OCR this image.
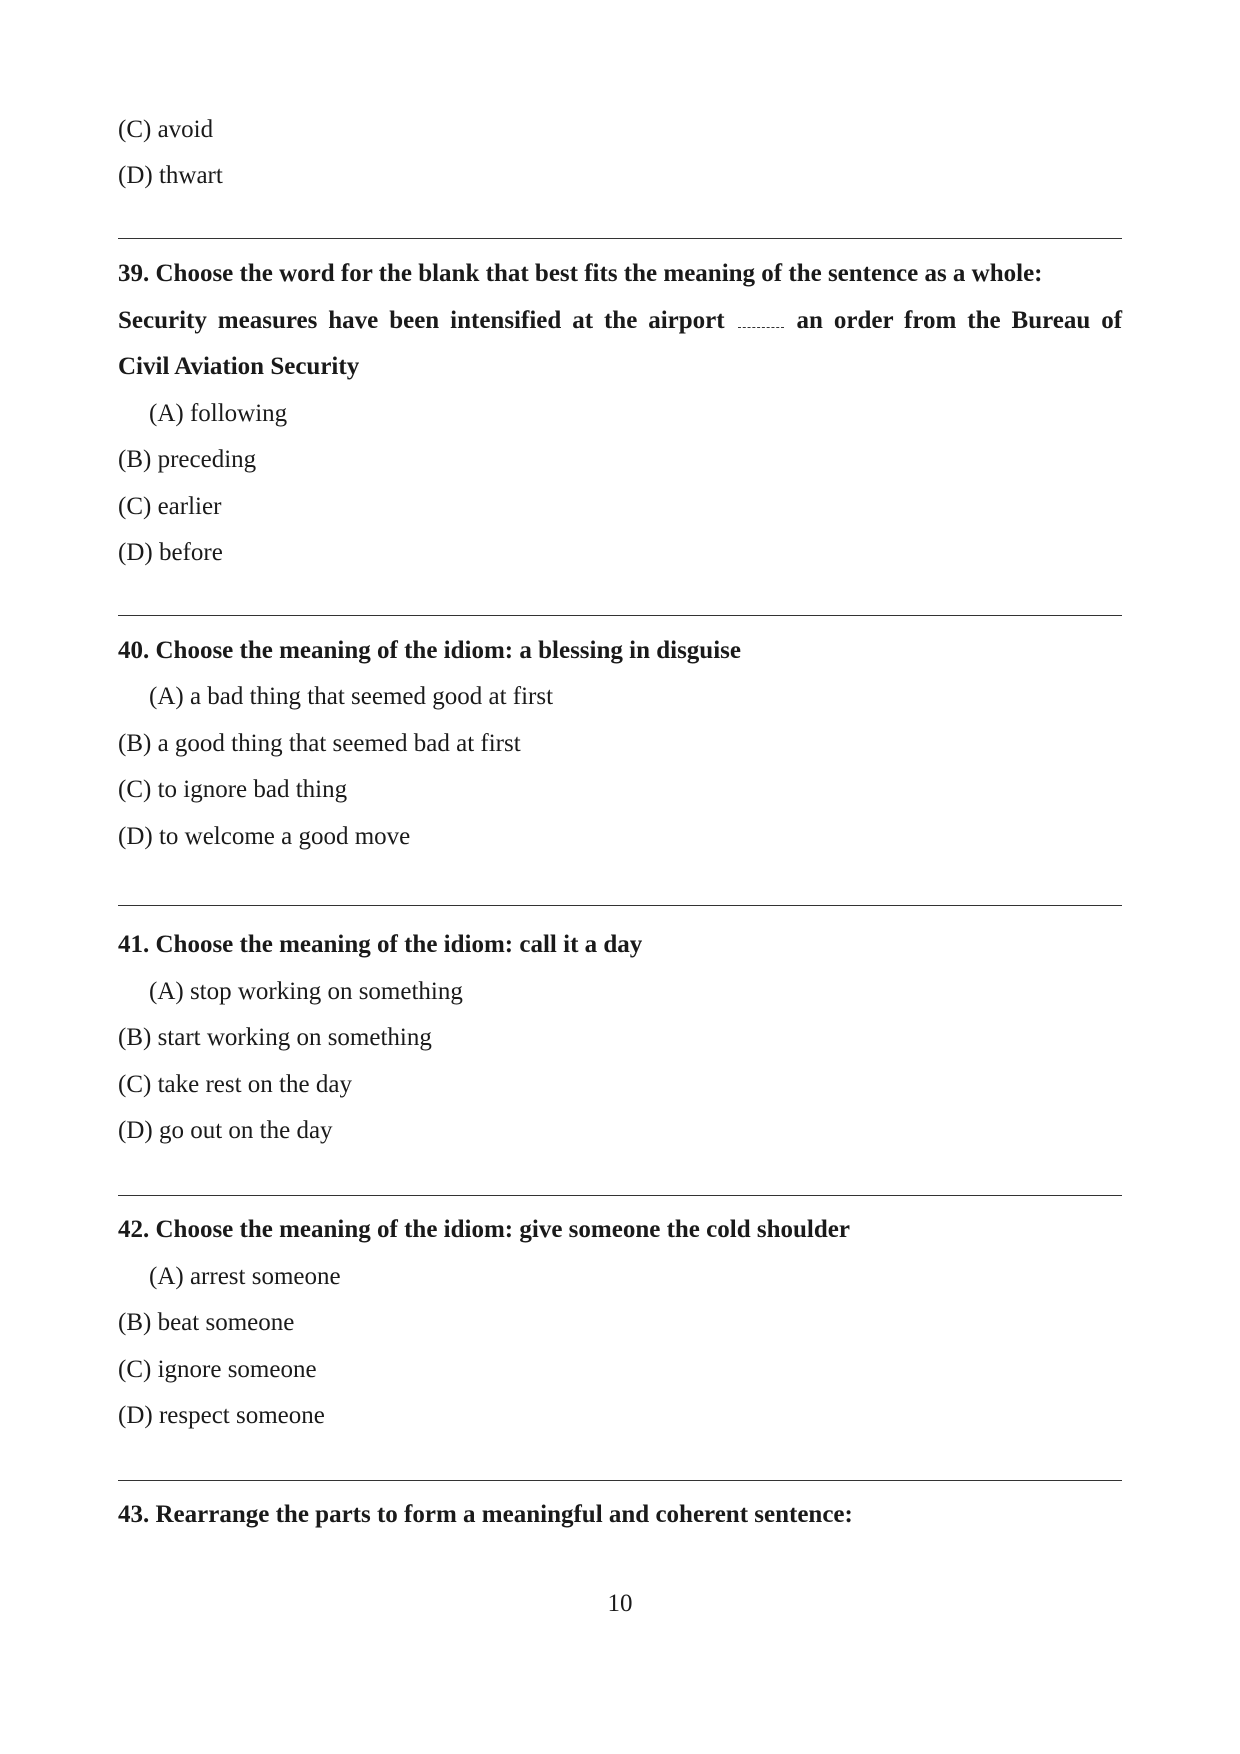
(C) avoid
(D) thwart
39. Choose the word for the blank that best fits the meaning of the sentence as a whole:
Security measures have been intensified at the airport	an order from the Bureau of
Civil Aviation Security
(A) following
(B) preceding
(C) earlier
(D) before
40. Choose the meaning of the idiom: a blessing in disguise
(A) a bad thing that seemed good at first
(B) a good thing that seemed bad at first
(C) to ignore bad thing
(D) to welcome a good move
41. Choose the meaning of the idiom: call it a day
(A) stop working on something
(B) start working on something
(C) take rest on the day
(D) go out on the day
42. Choose the meaning of the idiom: give someone the cold shoulder
(A) arrest someone
(B) beat someone
(C) ignore someone
(D) respect someone
43. Rearrange the parts to form a meaningful and coherent sentence:
10
